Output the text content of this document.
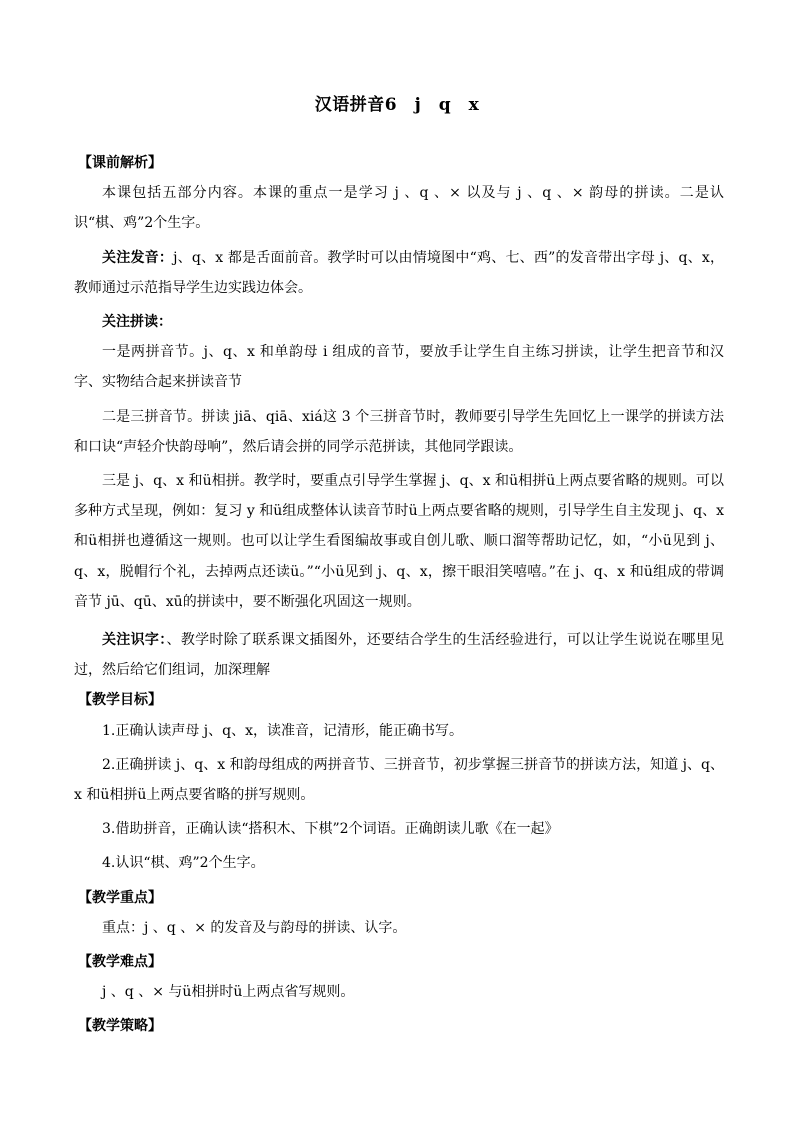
汉语拼音6　j　q　x

【课前解析】

本课包括五部分内容。本课的重点一是学习 j 、q 、× 以及与 j 、q 、× 韵母的拼读。二是认识“棋、鸡”2个生字。

关注发音：j、q、x 都是舌面前音。教学时可以由情境图中“鸡、七、西”的发音带出字母 j、q、x，教师通过示范指导学生边实践边体会。

关注拼读：

一是两拼音节。j、q、x 和单韵母 i 组成的音节，要放手让学生自主练习拼读，让学生把音节和汉字、实物结合起来拼读音节

二是三拼音节。拼读 jiā、qiā、xiá这 3 个三拼音节时，教师要引导学生先回忆上一课学的拼读方法和口诀“声轻介快韵母响”，然后请会拼的同学示范拼读，其他同学跟读。

三是 j、q、x 和ü相拼。教学时，要重点引导学生掌握 j、q、x 和ü相拼ü上两点要省略的规则。可以多种方式呈现，例如：复习 y 和ü组成整体认读音节时ü上两点要省略的规则，引导学生自主发现 j、q、x 和ü相拼也遵循这一规则。也可以让学生看图编故事或自创儿歌、顺口溜等帮助记忆，如，“小ü见到 j、q、x，脱帽行个礼，去掉两点还读ü。”“小ü见到 j、q、x，擦干眼泪笑嘻嘻。”在 j、q、x 和ü组成的带调音节 jū、qū、xū的拼读中，要不断强化巩固这一规则。

关注识字：、教学时除了联系课文插图外，还要结合学生的生活经验进行，可以让学生说说在哪里见过，然后给它们组词，加深理解

【教学目标】

1.正确认读声母 j、q、x，读准音，记清形，能正确书写。

2.正确拼读 j、q、x 和韵母组成的两拼音节、三拼音节，初步掌握三拼音节的拼读方法，知道 j、q、x 和ü相拼ü上两点要省略的拼写规则。

3.借助拼音，正确认读“搭积木、下棋”2个词语。正确朗读儿歌《在一起》

4.认识“棋、鸡”2个生字。

【教学重点】

重点：j 、q 、× 的发音及与韵母的拼读、认字。

【教学难点】

j 、q 、× 与ü相拼时ü上两点省写规则。

【教学策略】
